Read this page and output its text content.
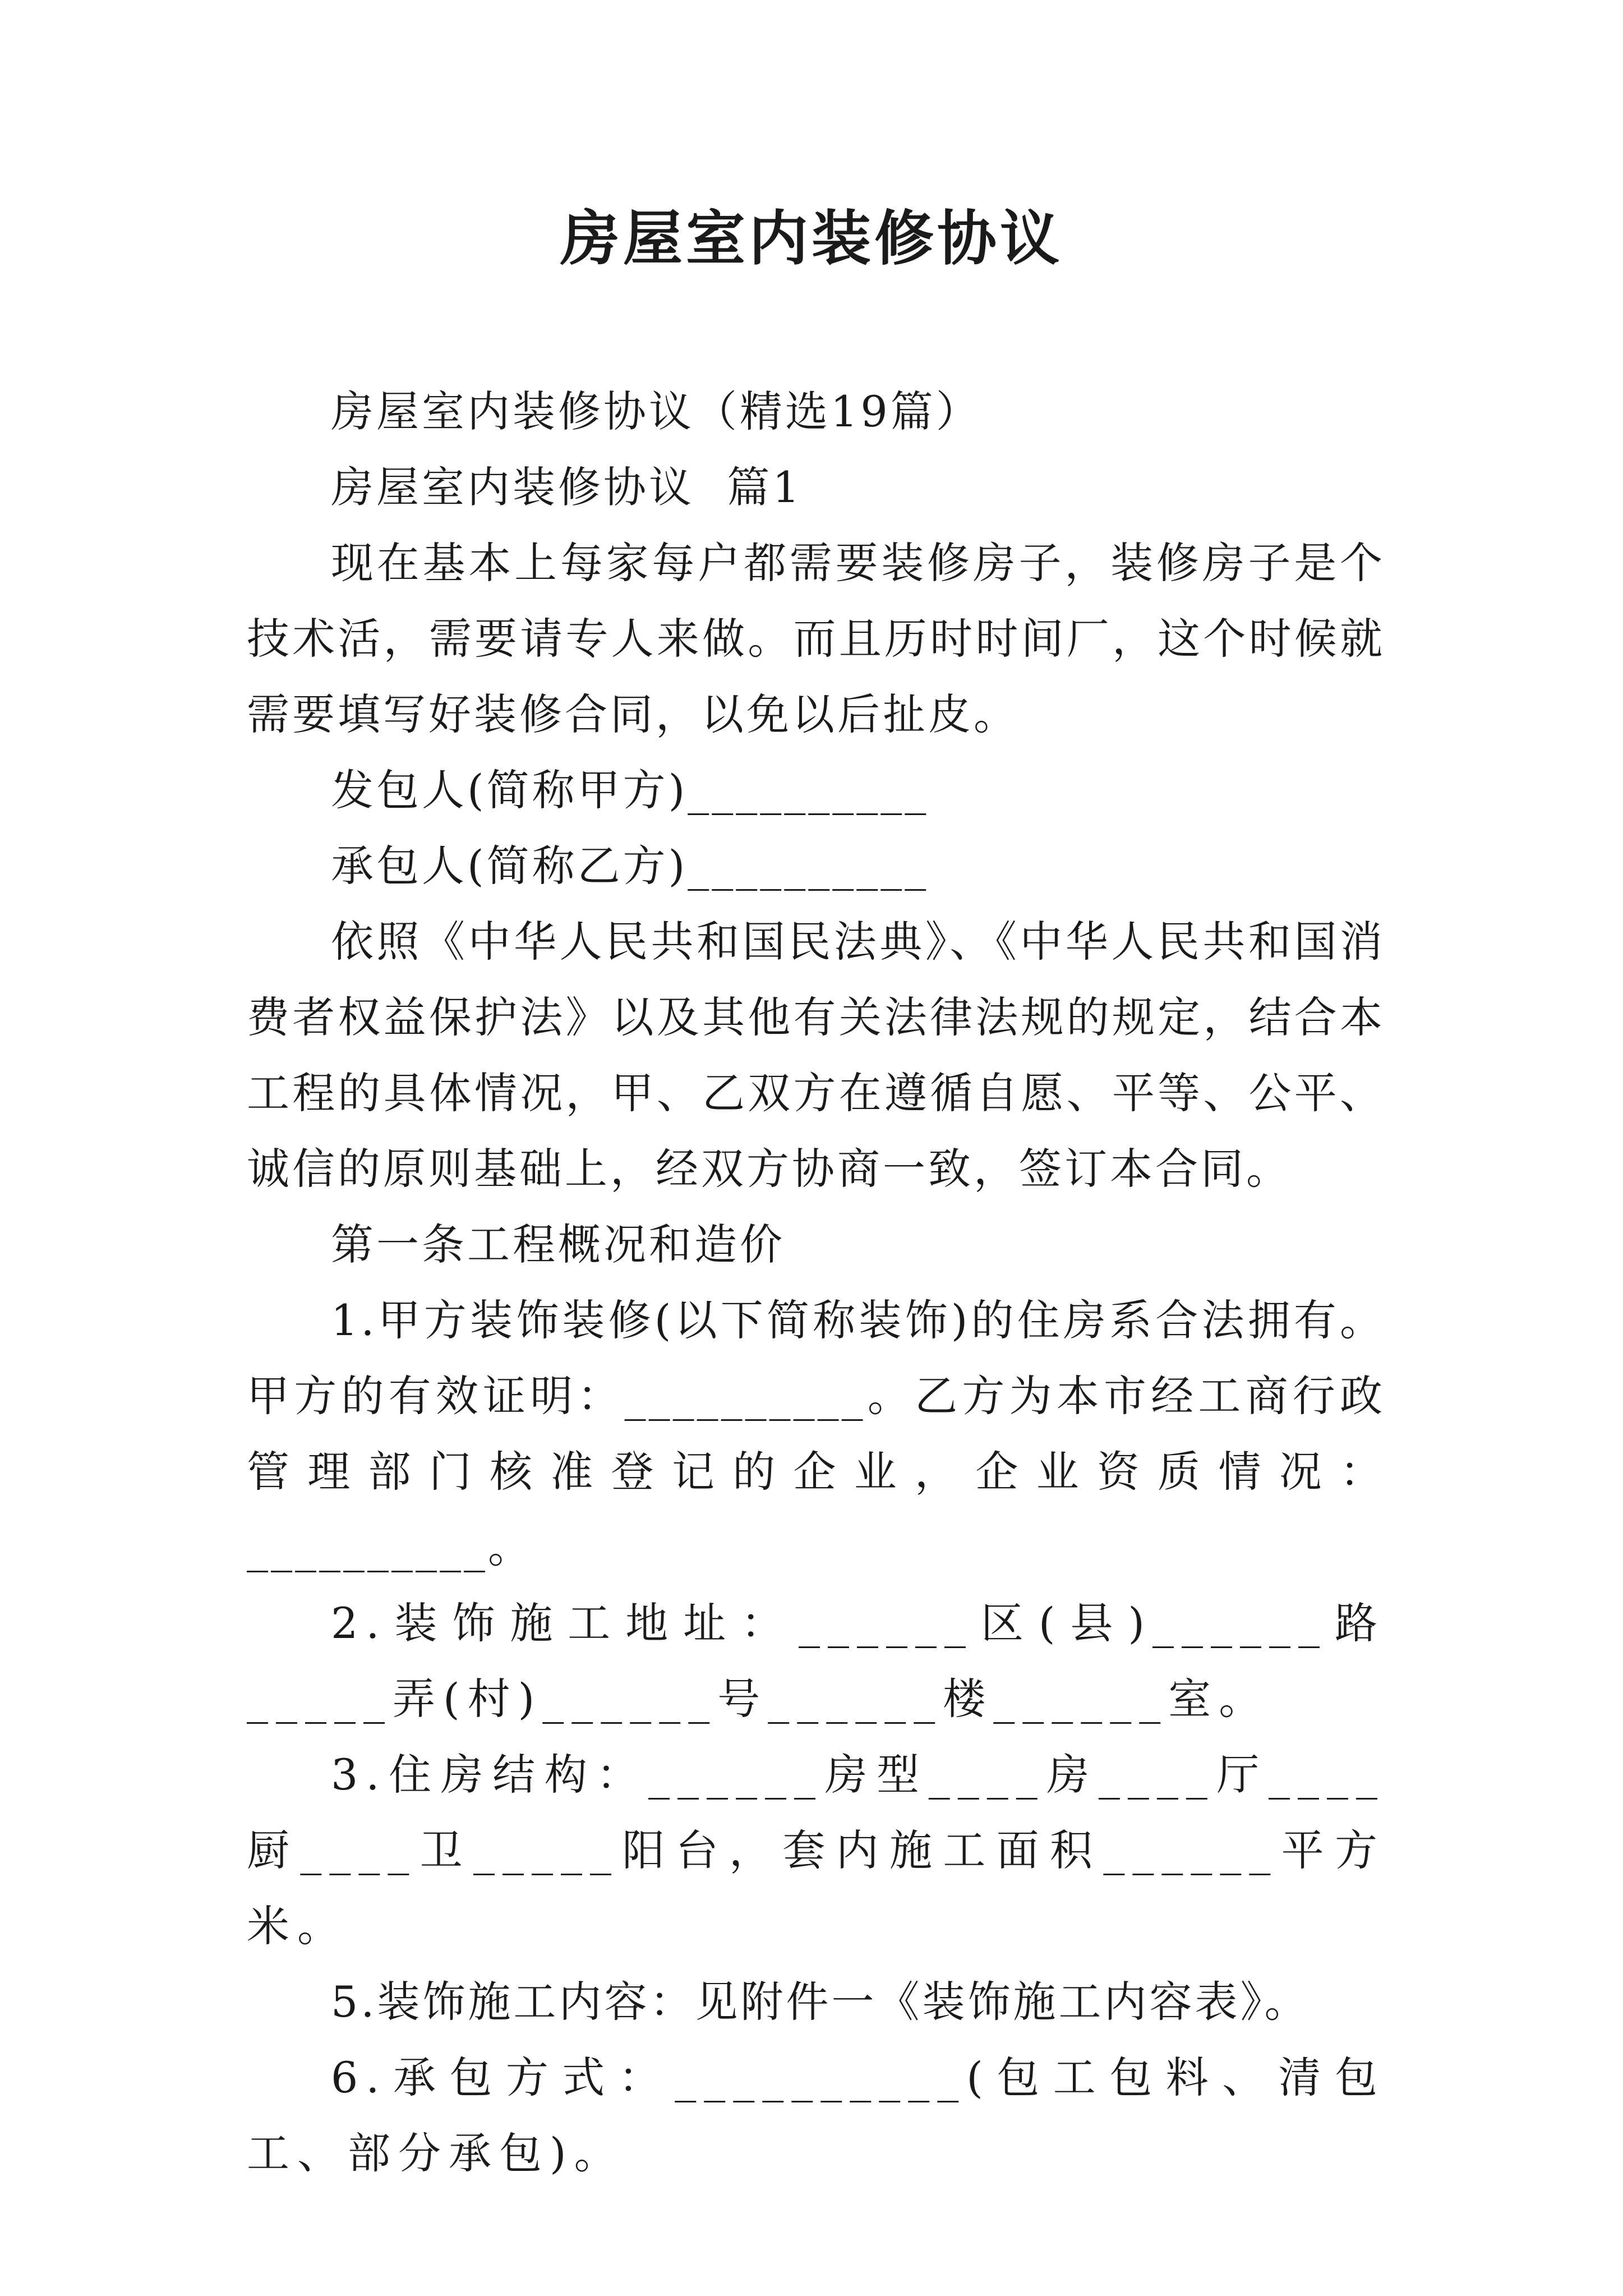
房屋室内装修协议

房屋室内装修协议（精选19篇）

房屋室内装修协议  篇1

现在基本上每家每户都需要装修房子，装修房子是个技术活，需要请专人来做。而且历时时间厂，这个时候就需要填写好装修合同，以免以后扯皮。

发包人(简称甲方)__________

承包人(简称乙方)__________

依照《中华人民共和国民法典》、《中华人民共和国消费者权益保护法》以及其他有关法律法规的规定，结合本工程的具体情况，甲、乙双方在遵循自愿、平等、公平、诚信的原则基础上，经双方协商一致，签订本合同。

第一条工程概况和造价

1.甲方装饰装修(以下简称装饰)的住房系合法拥有。甲方的有效证明：__________。乙方为本市经工商行政管理部门核准登记的企业，企业资质情况：__________。

2.装饰施工地址：______区(县)______路_____弄(村)______号______楼______室。

3.住房结构：______房型____房____厅____厨____卫_____阳台，套内施工面积______平方米。

5.装饰施工内容：见附件一《装饰施工内容表》。

6.承包方式：__________(包工包料、清包工、部分承包)。
